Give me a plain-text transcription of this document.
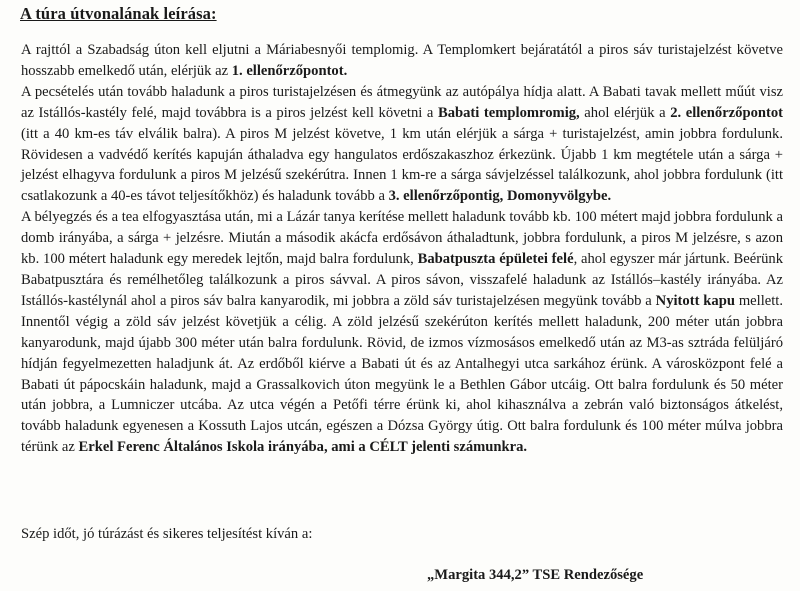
A túra útvonalának leírása:

A rajttól a Szabadság úton kell eljutni a Máriabesnyői templomig. A Templomkert bejáratától a piros sáv turistajelzést követve hosszabb emelkedő után, elérjük az 1. ellenőrzőpontot.

A pecsételés után tovább haladunk a piros turistajelzésen és átmegyünk az autópálya hídja alatt. A Babati tavak mellett műút visz az Istállós-kastély felé, majd továbbra is a piros jelzést kell követni a Babati templomromig, ahol elérjük a 2. ellenőrzőpontot (itt a 40 km-es táv elválik balra). A piros M jelzést követve, 1 km után elérjük a sárga + turistajelzést, amin jobbra fordulunk. Rövidesen a vadvédő kerítés kapuján áthaladva egy hangulatos erdőszakaszhoz érkezünk. Újabb 1 km megtétele után a sárga + jelzést elhagyva fordulunk a piros M jelzésű szekérútra. Innen 1 km-re a sárga sávjelzéssel találkozunk, ahol jobbra fordulunk (itt csatlakozunk a 40-es távot teljesítőkhöz) és haladunk tovább a 3. ellenőrzőpontig, Domonyvölgybe.

A bélyegzés és a tea elfogyasztása után, mi a Lázár tanya kerítése mellett haladunk tovább kb. 100 métert majd jobbra fordulunk a domb irányába, a sárga + jelzésre. Miután a második akácfa erdősávon áthaladtunk, jobbra fordulunk, a piros M jelzésre, s azon kb. 100 métert haladunk egy meredek lejtőn, majd balra fordulunk, Babatpuszta épületei felé, ahol egyszer már jártunk. Beérünk Babatpusztára és remélhetőleg találkozunk a piros sávval. A piros sávon, visszafelé haladunk az Istállós–kastély irányába. Az Istállós-kastélynál ahol a piros sáv balra kanyarodik, mi jobbra a zöld sáv turistajelzésen megyünk tovább a Nyitott kapu mellett. Innentől végig a zöld sáv jelzést követjük a célig. A zöld jelzésű szekérúton kerítés mellett haladunk, 200 méter után jobbra kanyarodunk, majd újabb 300 méter után balra fordulunk. Rövid, de izmos vízmosásos emelkedő után az M3-as sztráda felüljáró hídján fegyelmezetten haladjunk át. Az erdőből kiérve a Babati út és az Antalhegyi utca sarkához érünk. A városközpont felé a Babati út pápocskáin haladunk, majd a Grassalkovich úton megyünk le a Bethlen Gábor utcáig. Ott balra fordulunk és 50 méter után jobbra, a Lumniczer utcába. Az utca végén a Petőfi térre érünk ki, ahol kihasználva a zebrán való biztonságos átkelést, tovább haladunk egyenesen a Kossuth Lajos utcán, egészen a Dózsa György útig. Ott balra fordulunk és 100 méter múlva jobbra térünk az Erkel Ferenc Általános Iskola irányába, ami a CÉLT jelenti számunkra.

Szép időt, jó túrázást és sikeres teljesítést kíván a:

„Margita 344,2” TSE Rendezősége
